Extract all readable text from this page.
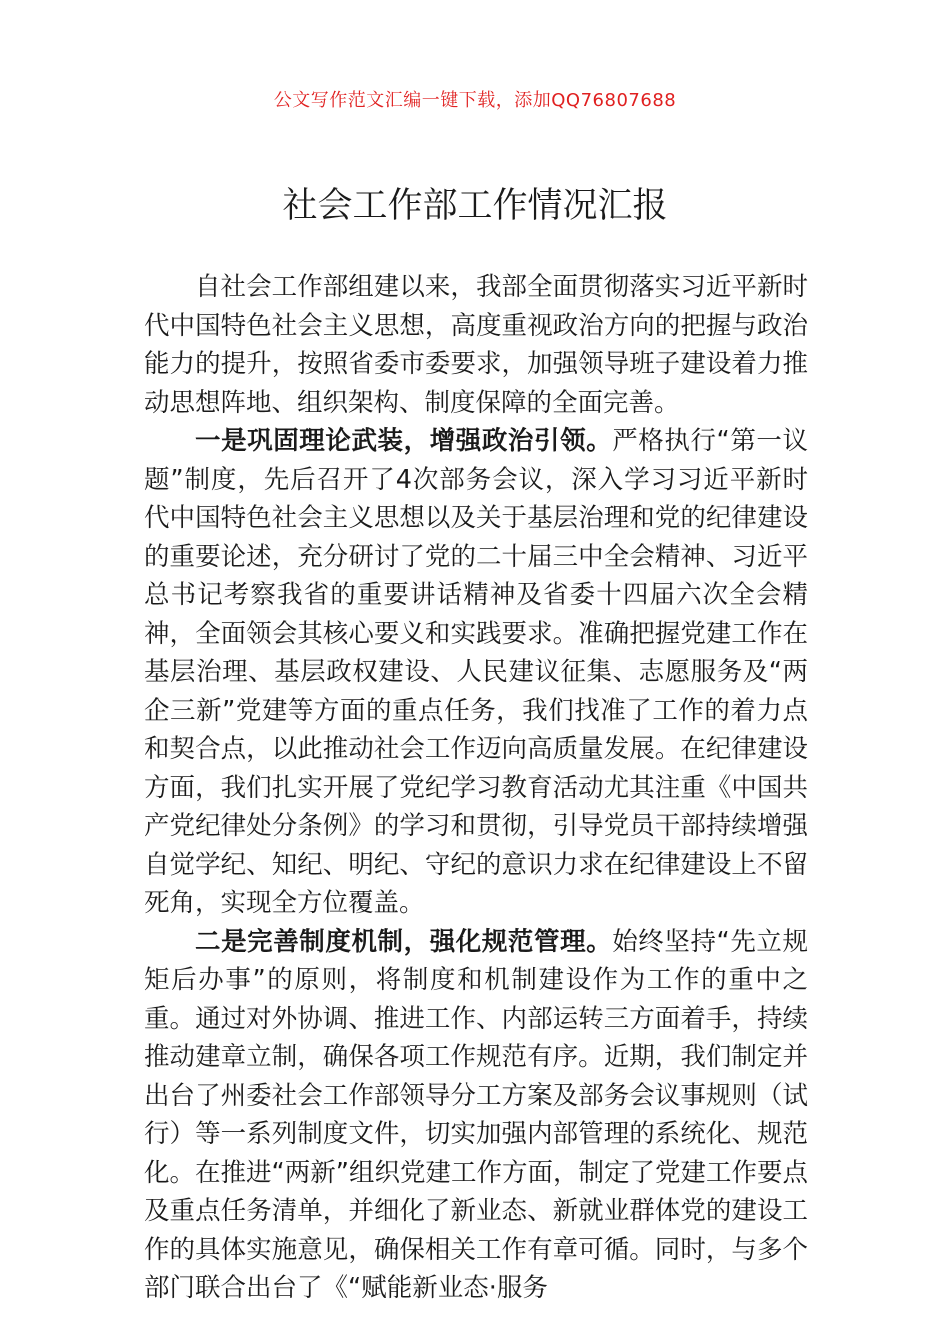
公文写作范文汇编一键下载，添加QQ76807688
社会工作部工作情况汇报

自社会工作部组建以来，我部全面贯彻落实习近平新时代中国特色社会主义思想，高度重视政治方向的把握与政治能力的提升，按照省委市委要求，加强领导班子建设着力推动思想阵地、组织架构、制度保障的全面完善。

一是巩固理论武装，增强政治引领。严格执行“第一议题”制度，先后召开了4次部务会议，深入学习习近平新时代中国特色社会主义思想以及关于基层治理和党的纪律建设的重要论述，充分研讨了党的二十届三中全会精神、习近平总书记考察我省的重要讲话精神及省委十四届六次全会精神，全面领会其核心要义和实践要求。准确把握党建工作在基层治理、基层政权建设、人民建议征集、志愿服务及“两企三新”党建等方面的重点任务，我们找准了工作的着力点和契合点，以此推动社会工作迈向高质量发展。在纪律建设方面，我们扎实开展了党纪学习教育活动尤其注重《中国共产党纪律处分条例》的学习和贯彻，引导党员干部持续增强自觉学纪、知纪、明纪、守纪的意识力求在纪律建设上不留死角，实现全方位覆盖。

二是完善制度机制，强化规范管理。始终坚持“先立规矩后办事”的原则，将制度和机制建设作为工作的重中之重。通过对外协调、推进工作、内部运转三方面着手，持续推动建章立制，确保各项工作规范有序。近期，我们制定并出台了州委社会工作部领导分工方案及部务会议事规则（试行）等一系列制度文件，切实加强内部管理的系统化、规范化。在推进“两新”组织党建工作方面，制定了党建工作要点及重点任务清单，并细化了新业态、新就业群体党的建设工作的具体实施意见，确保相关工作有章可循。同时，与多个部门联合出台了《“赋能新业态·服务
